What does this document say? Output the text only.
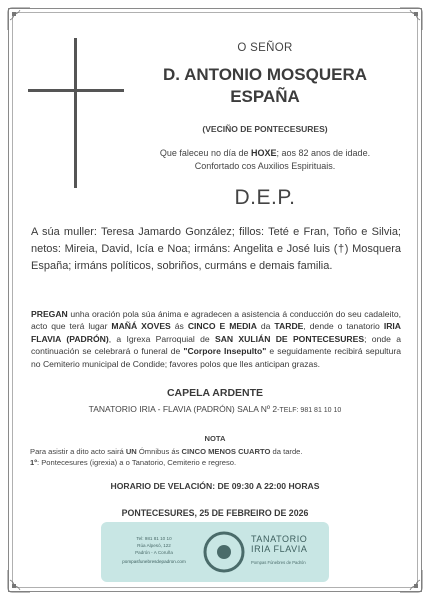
O SEÑOR
D. ANTONIO MOSQUERA
ESPAÑA
(VECIÑO DE PONTECESURES)
Que faleceu no día de HOXE; aos 82 anos de idade.
Confortado cos Auxilios Espirituais.
D.E.P.
A súa muller: Teresa Jamardo González; fillos: Teté e Fran, Toño e Silvia; netos: Mireia, David, Icía e Noa; irmáns: Angelita e José luis (†) Mosquera España; irmáns políticos, sobriños, curmáns e demais familia.
PREGAN unha oración pola súa ánima e agradecen a asistencia á conducción do seu cadaleito, acto que terá lugar MAÑÁ XOVES ás CINCO E MEDIA da TARDE, dende o tanatorio IRIA FLAVIA (PADRÓN), a Igrexa Parroquial de SAN XULIÁN DE PONTECESURES; onde a continuación se celebrará o funeral de "Corpore Insepulto" e seguidamente recibirá sepultura no Cemiterio municipal de Condide; favores polos que lles anticipan grazas.
CAPELA ARDENTE
TANATORIO IRIA - FLAVIA (PADRÓN) SALA Nº 2-TELF: 981 81 10 10
NOTA
Para asistir a dito acto sairá UN Ómnibus ás CINCO MENOS CUARTO da tarde.
1º: Pontecesures (igrexia) a o Tanatorio, Cemiterio e regreso.
HORARIO DE VELACIÓN: DE 09:30 A 22:00 HORAS
PONTECESURES, 25 DE FEBREIRO DE 2026
Tel: 981 81 10 10
Rúa Alpesó, 122
Padrón - A Coruña
pompasfunebresdepadron.com
TANATORIO
IRIA FLAVIA
Pompas Fúnebres de Padrón
